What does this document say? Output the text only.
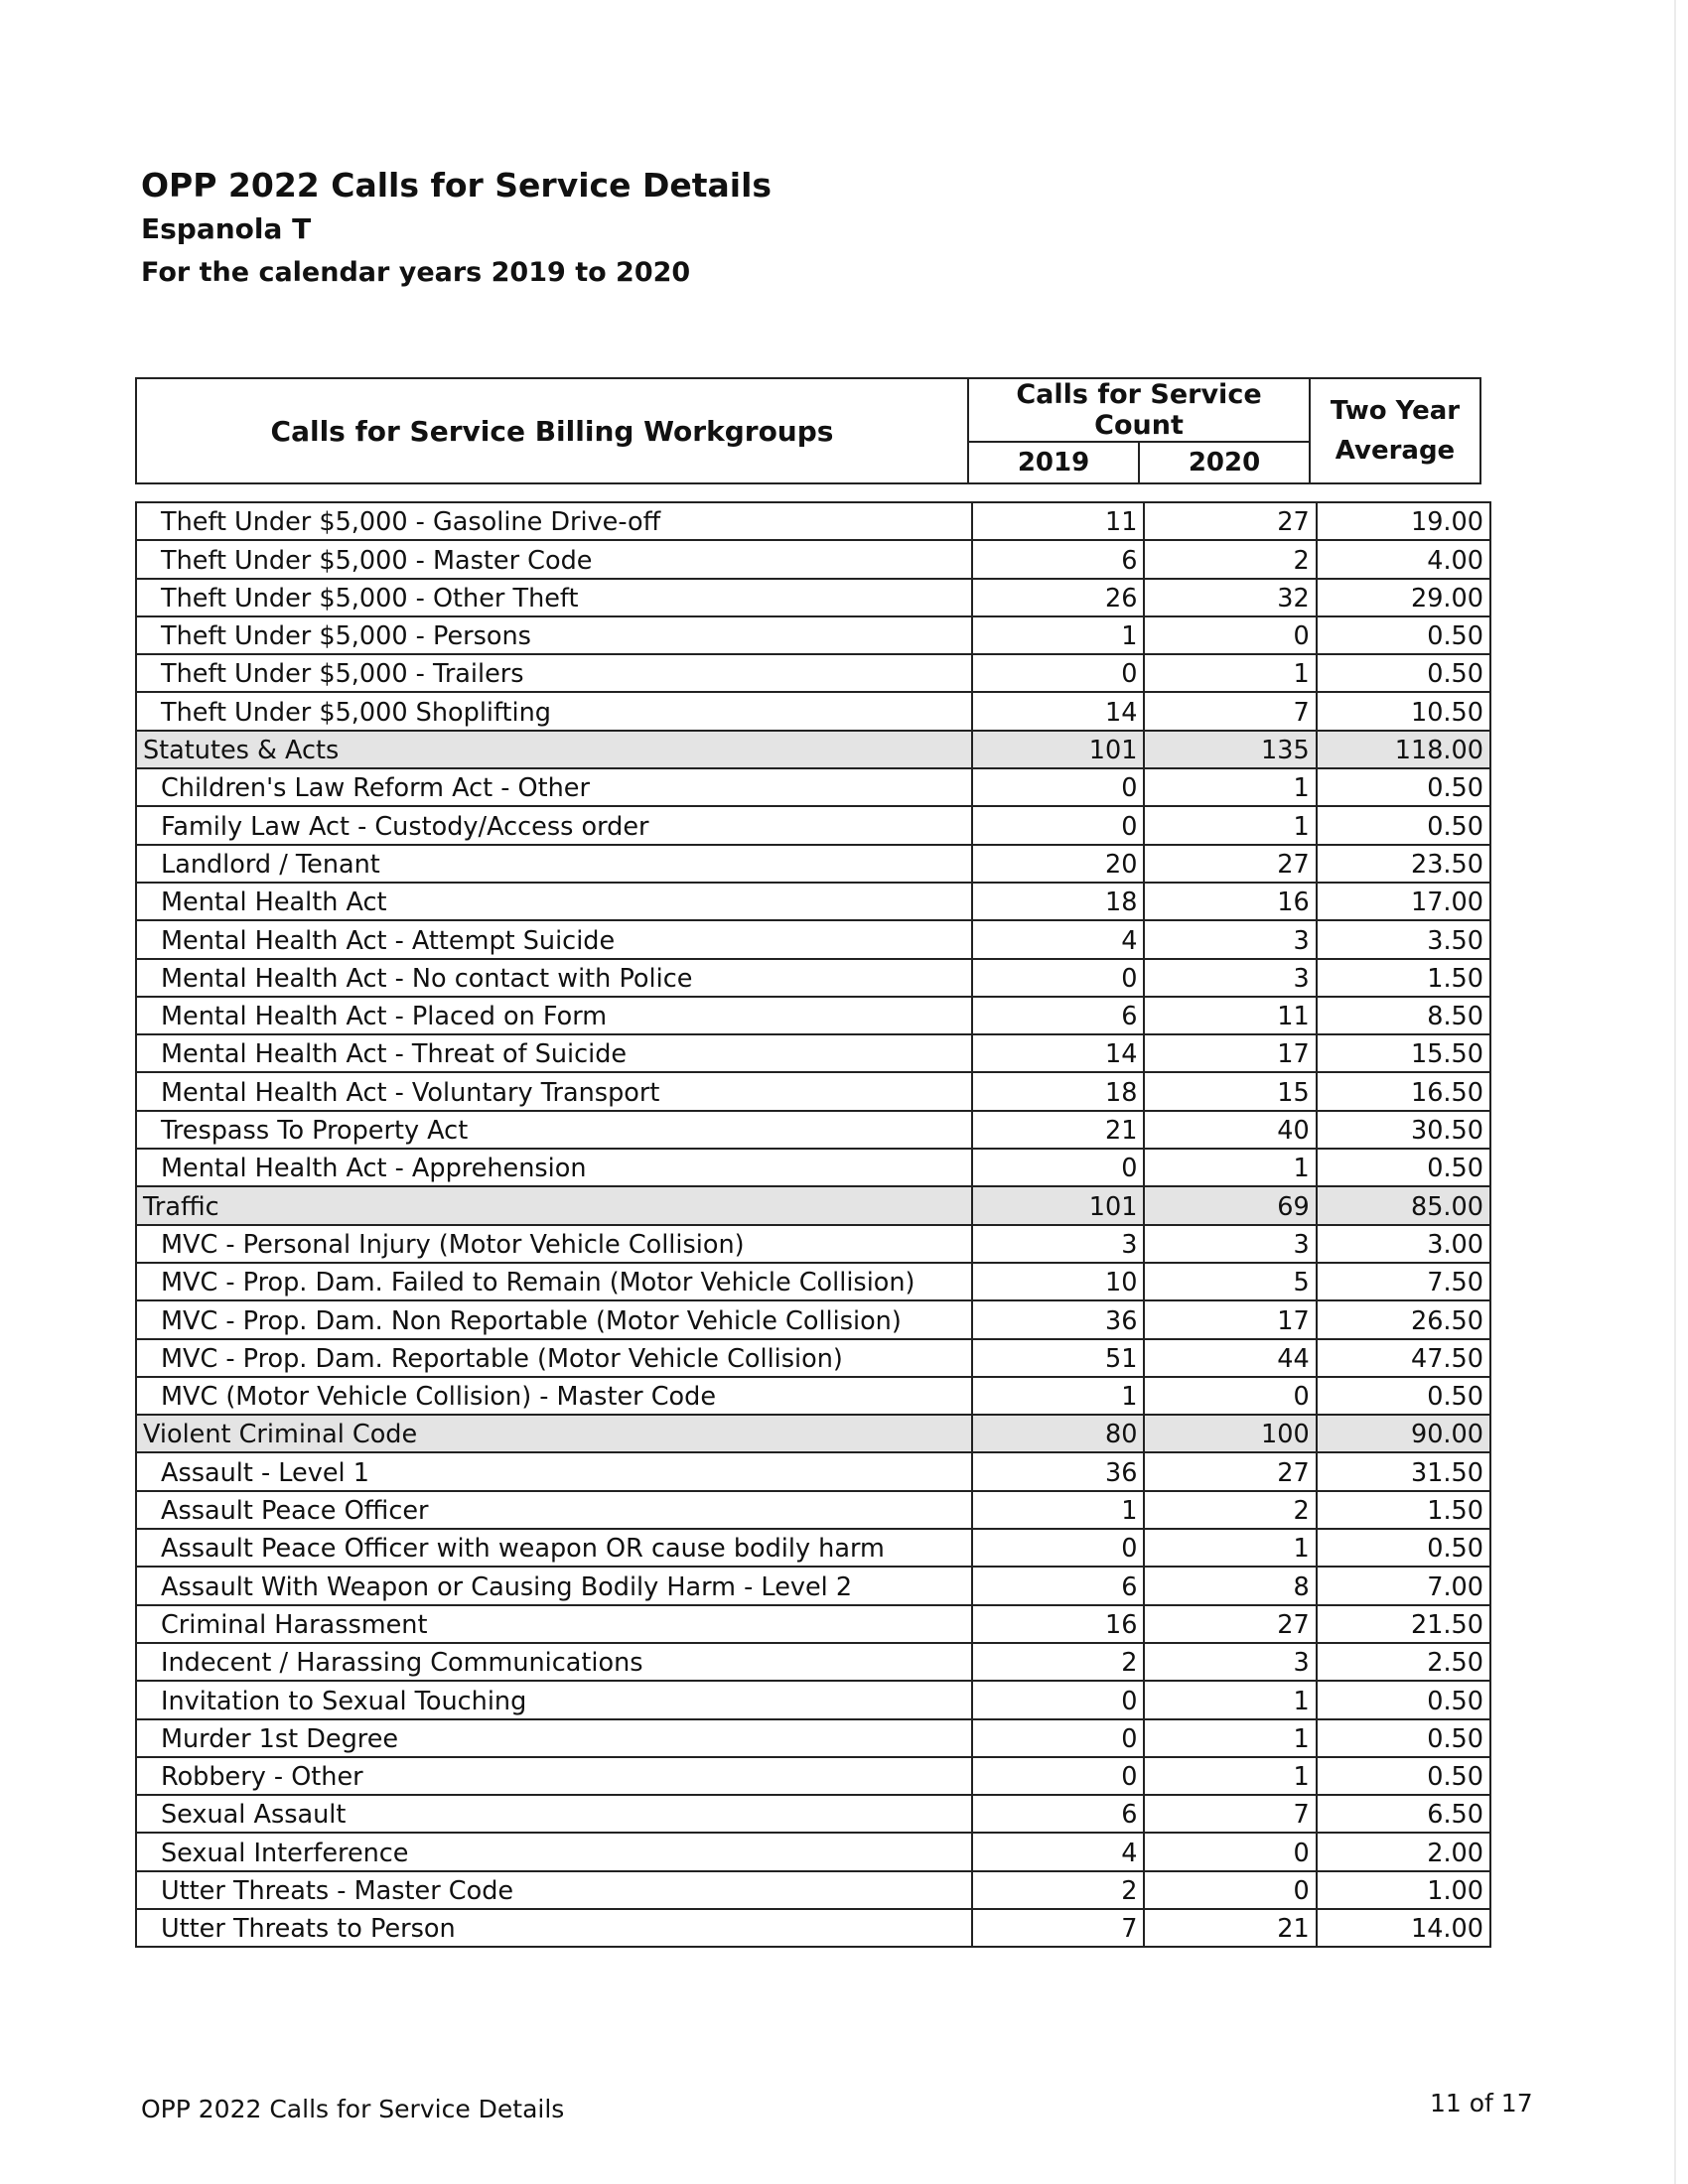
OPP 2022 Calls for Service Details
Espanola T
For the calendar years 2019 to 2020
Calls for Service Billing Workgroups	Calls for Service Count		Two Year
Average

	2019	2020	
Theft Under $5,000 - Gasoline Drive-off	11	27	19.00
Theft Under $5,000 - Master Code	6	2	4.00
Theft Under $5,000 - Other Theft	26	32	29.00
Theft Under $5,000 - Persons	1	0	0.50
Theft Under $5,000 - Trailers	0	1	0.50
Theft Under $5,000 Shoplifting	14	7	10.50
Statutes & Acts	101	135	118.00
Children's Law Reform Act - Other	0	1	0.50
Family Law Act - Custody/Access order	0	1	0.50
Landlord / Tenant	20	27	23.50
Mental Health Act	18	16	17.00
Mental Health Act - Attempt Suicide	4	3	3.50
Mental Health Act - No contact with Police	0	3	1.50
Mental Health Act - Placed on Form	6	11	8.50
Mental Health Act - Threat of Suicide	14	17	15.50
Mental Health Act - Voluntary Transport	18	15	16.50
Trespass To Property Act	21	40	30.50
Mental Health Act - Apprehension	0	1	0.50
Traffic	101	69	85.00
MVC - Personal Injury (Motor Vehicle Collision)	3	3	3.00
MVC - Prop. Dam. Failed to Remain (Motor Vehicle Collision)	10	5	7.50
MVC - Prop. Dam. Non Reportable (Motor Vehicle Collision)	36	17	26.50
MVC - Prop. Dam. Reportable (Motor Vehicle Collision)	51	44	47.50
MVC (Motor Vehicle Collision) - Master Code	1	0	0.50
Violent Criminal Code	80	100	90.00
Assault - Level 1	36	27	31.50
Assault Peace Officer	1	2	1.50
Assault Peace Officer with weapon OR cause bodily harm	0	1	0.50
Assault With Weapon or Causing Bodily Harm - Level 2	6	8	7.00
Criminal Harassment	16	27	21.50
Indecent / Harassing Communications	2	3	2.50
Invitation to Sexual Touching	0	1	0.50
Murder 1st Degree	0	1	0.50
Robbery - Other	0	1	0.50
Sexual Assault	6	7	6.50
Sexual Interference	4	0	2.00
Utter Threats - Master Code	2	0	1.00
Utter Threats to Person	7	21	14.00
OPP 2022 Calls for Service Details	11 of 17
